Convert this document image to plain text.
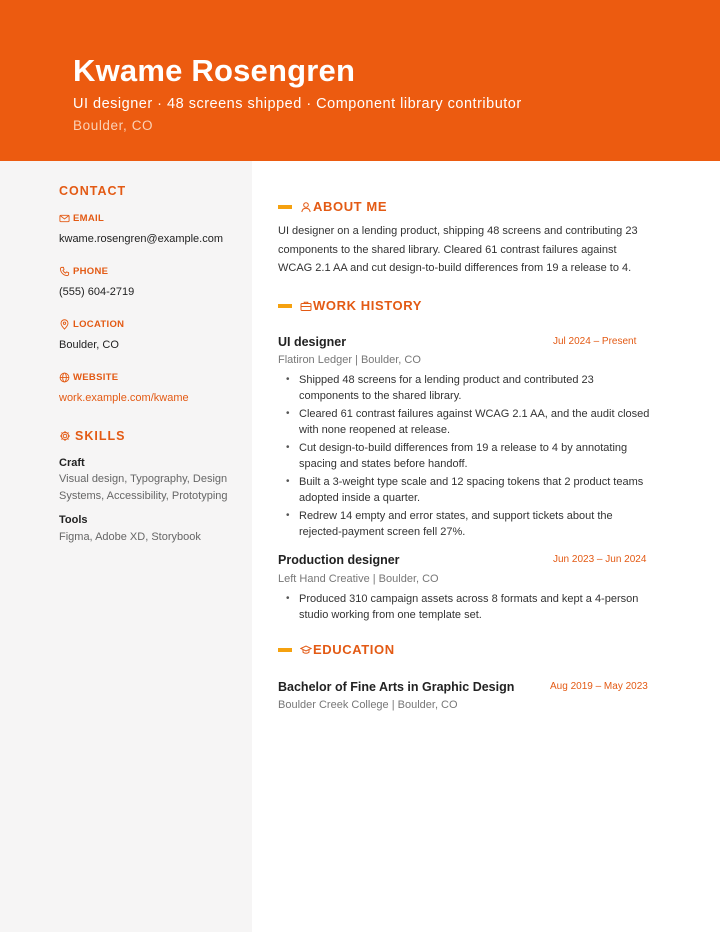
Kwame Rosengren
UI designer · 48 screens shipped · Component library contributor
Boulder, CO
CONTACT
EMAIL
kwame.rosengren@example.com
PHONE
(555) 604-2719
LOCATION
Boulder, CO
WEBSITE
work.example.com/kwame
SKILLS
Craft
Visual design, Typography, Design Systems, Accessibility, Prototyping
Tools
Figma, Adobe XD, Storybook
ABOUT ME
UI designer on a lending product, shipping 48 screens and contributing 23 components to the shared library. Cleared 61 contrast failures against WCAG 2.1 AA and cut design-to-build differences from 19 a release to 4.
WORK HISTORY
UI designer	Jul 2024 – Present
Flatiron Ledger | Boulder, CO
• Shipped 48 screens for a lending product and contributed 23 components to the shared library.
• Cleared 61 contrast failures against WCAG 2.1 AA, and the audit closed with none reopened at release.
• Cut design-to-build differences from 19 a release to 4 by annotating spacing and states before handoff.
• Built a 3-weight type scale and 12 spacing tokens that 2 product teams adopted inside a quarter.
• Redrew 14 empty and error states, and support tickets about the rejected-payment screen fell 27%.
Production designer	Jun 2023 – Jun 2024
Left Hand Creative | Boulder, CO
• Produced 310 campaign assets across 8 formats and kept a 4-person studio working from one template set.
EDUCATION
Bachelor of Fine Arts in Graphic Design	Aug 2019 – May 2023
Boulder Creek College | Boulder, CO
